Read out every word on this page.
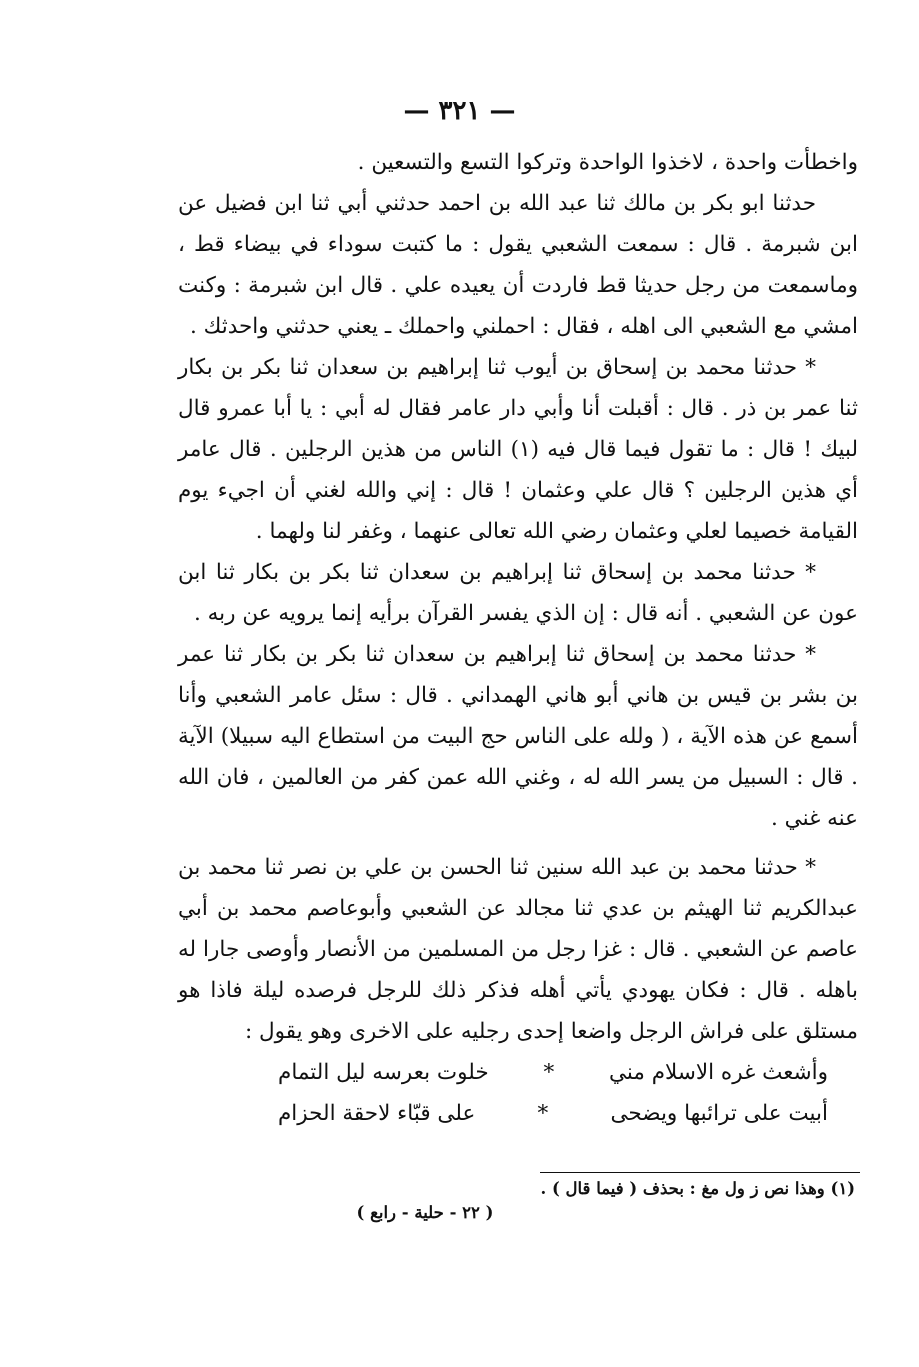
— ٣٢١ —

واخطأت واحدة ، لاخذوا الواحدة وتركوا التسع والتسعين .

حدثنا ابو بكر بن مالك ثنا عبد الله بن احمد حدثني أبي ثنا ابن فضيل عن ابن شبرمة . قال : سمعت الشعبي يقول : ما كتبت سوداء في بيضاء قط ، وماسمعت من رجل حديثا قط فاردت أن يعيده علي . قال ابن شبرمة : وكنت امشي مع الشعبي الى اهله ، فقال : احملني واحملك ـ يعني حدثني واحدثك .

* حدثنا محمد بن إسحاق بن أيوب ثنا إبراهيم بن سعدان ثنا بكر بن بكار ثنا عمر بن ذر . قال : أقبلت أنا وأبي دار عامر فقال له أبي : يا أبا عمرو قال لبيك ! قال : ما تقول فيما قال فيه (١) الناس من هذين الرجلين . قال عامر أي هذين الرجلين ؟ قال علي وعثمان ! قال : إني والله لغني أن اجيء يوم القيامة خصيما لعلي وعثمان رضي الله تعالى عنهما ، وغفر لنا ولهما .

* حدثنا محمد بن إسحاق ثنا إبراهيم بن سعدان ثنا بكر بن بكار ثنا ابن عون عن الشعبي . أنه قال : إن الذي يفسر القرآن برأيه إنما يرويه عن ربه .

* حدثنا محمد بن إسحاق ثنا إبراهيم بن سعدان ثنا بكر بن بكار ثنا عمر بن بشر بن قيس بن هاني أبو هاني الهمداني . قال : سئل عامر الشعبي وأنا أسمع عن هذه الآية ، ( ولله على الناس حج البيت من استطاع اليه سبيلا) الآية . قال : السبيل من يسر الله له ، وغني الله عمن كفر من العالمين ، فان الله عنه غني .

* حدثنا محمد بن عبد الله سنين ثنا الحسن بن علي بن نصر ثنا محمد بن عبدالكريم ثنا الهيثم بن عدي ثنا مجالد عن الشعبي وأبوعاصم محمد بن أبي عاصم عن الشعبي . قال : غزا رجل من المسلمين من الأنصار وأوصى جارا له باهله . قال : فكان يهودي يأتي أهله فذكر ذلك للرجل فرصده ليلة فاذا هو مستلق على فراش الرجل واضعا إحدى رجليه على الاخرى وهو يقول :

وأشعث غره الاسلام مني
*
خلوت بعرسه ليل التمام
أبيت على ترائبها ويضحى
*
على قبّاء لاحقة الحزام
(١) وهذا نص ز ول مغ : بحذف ( فيما قال ) .
( ٢٢ - حلية - رابع )
